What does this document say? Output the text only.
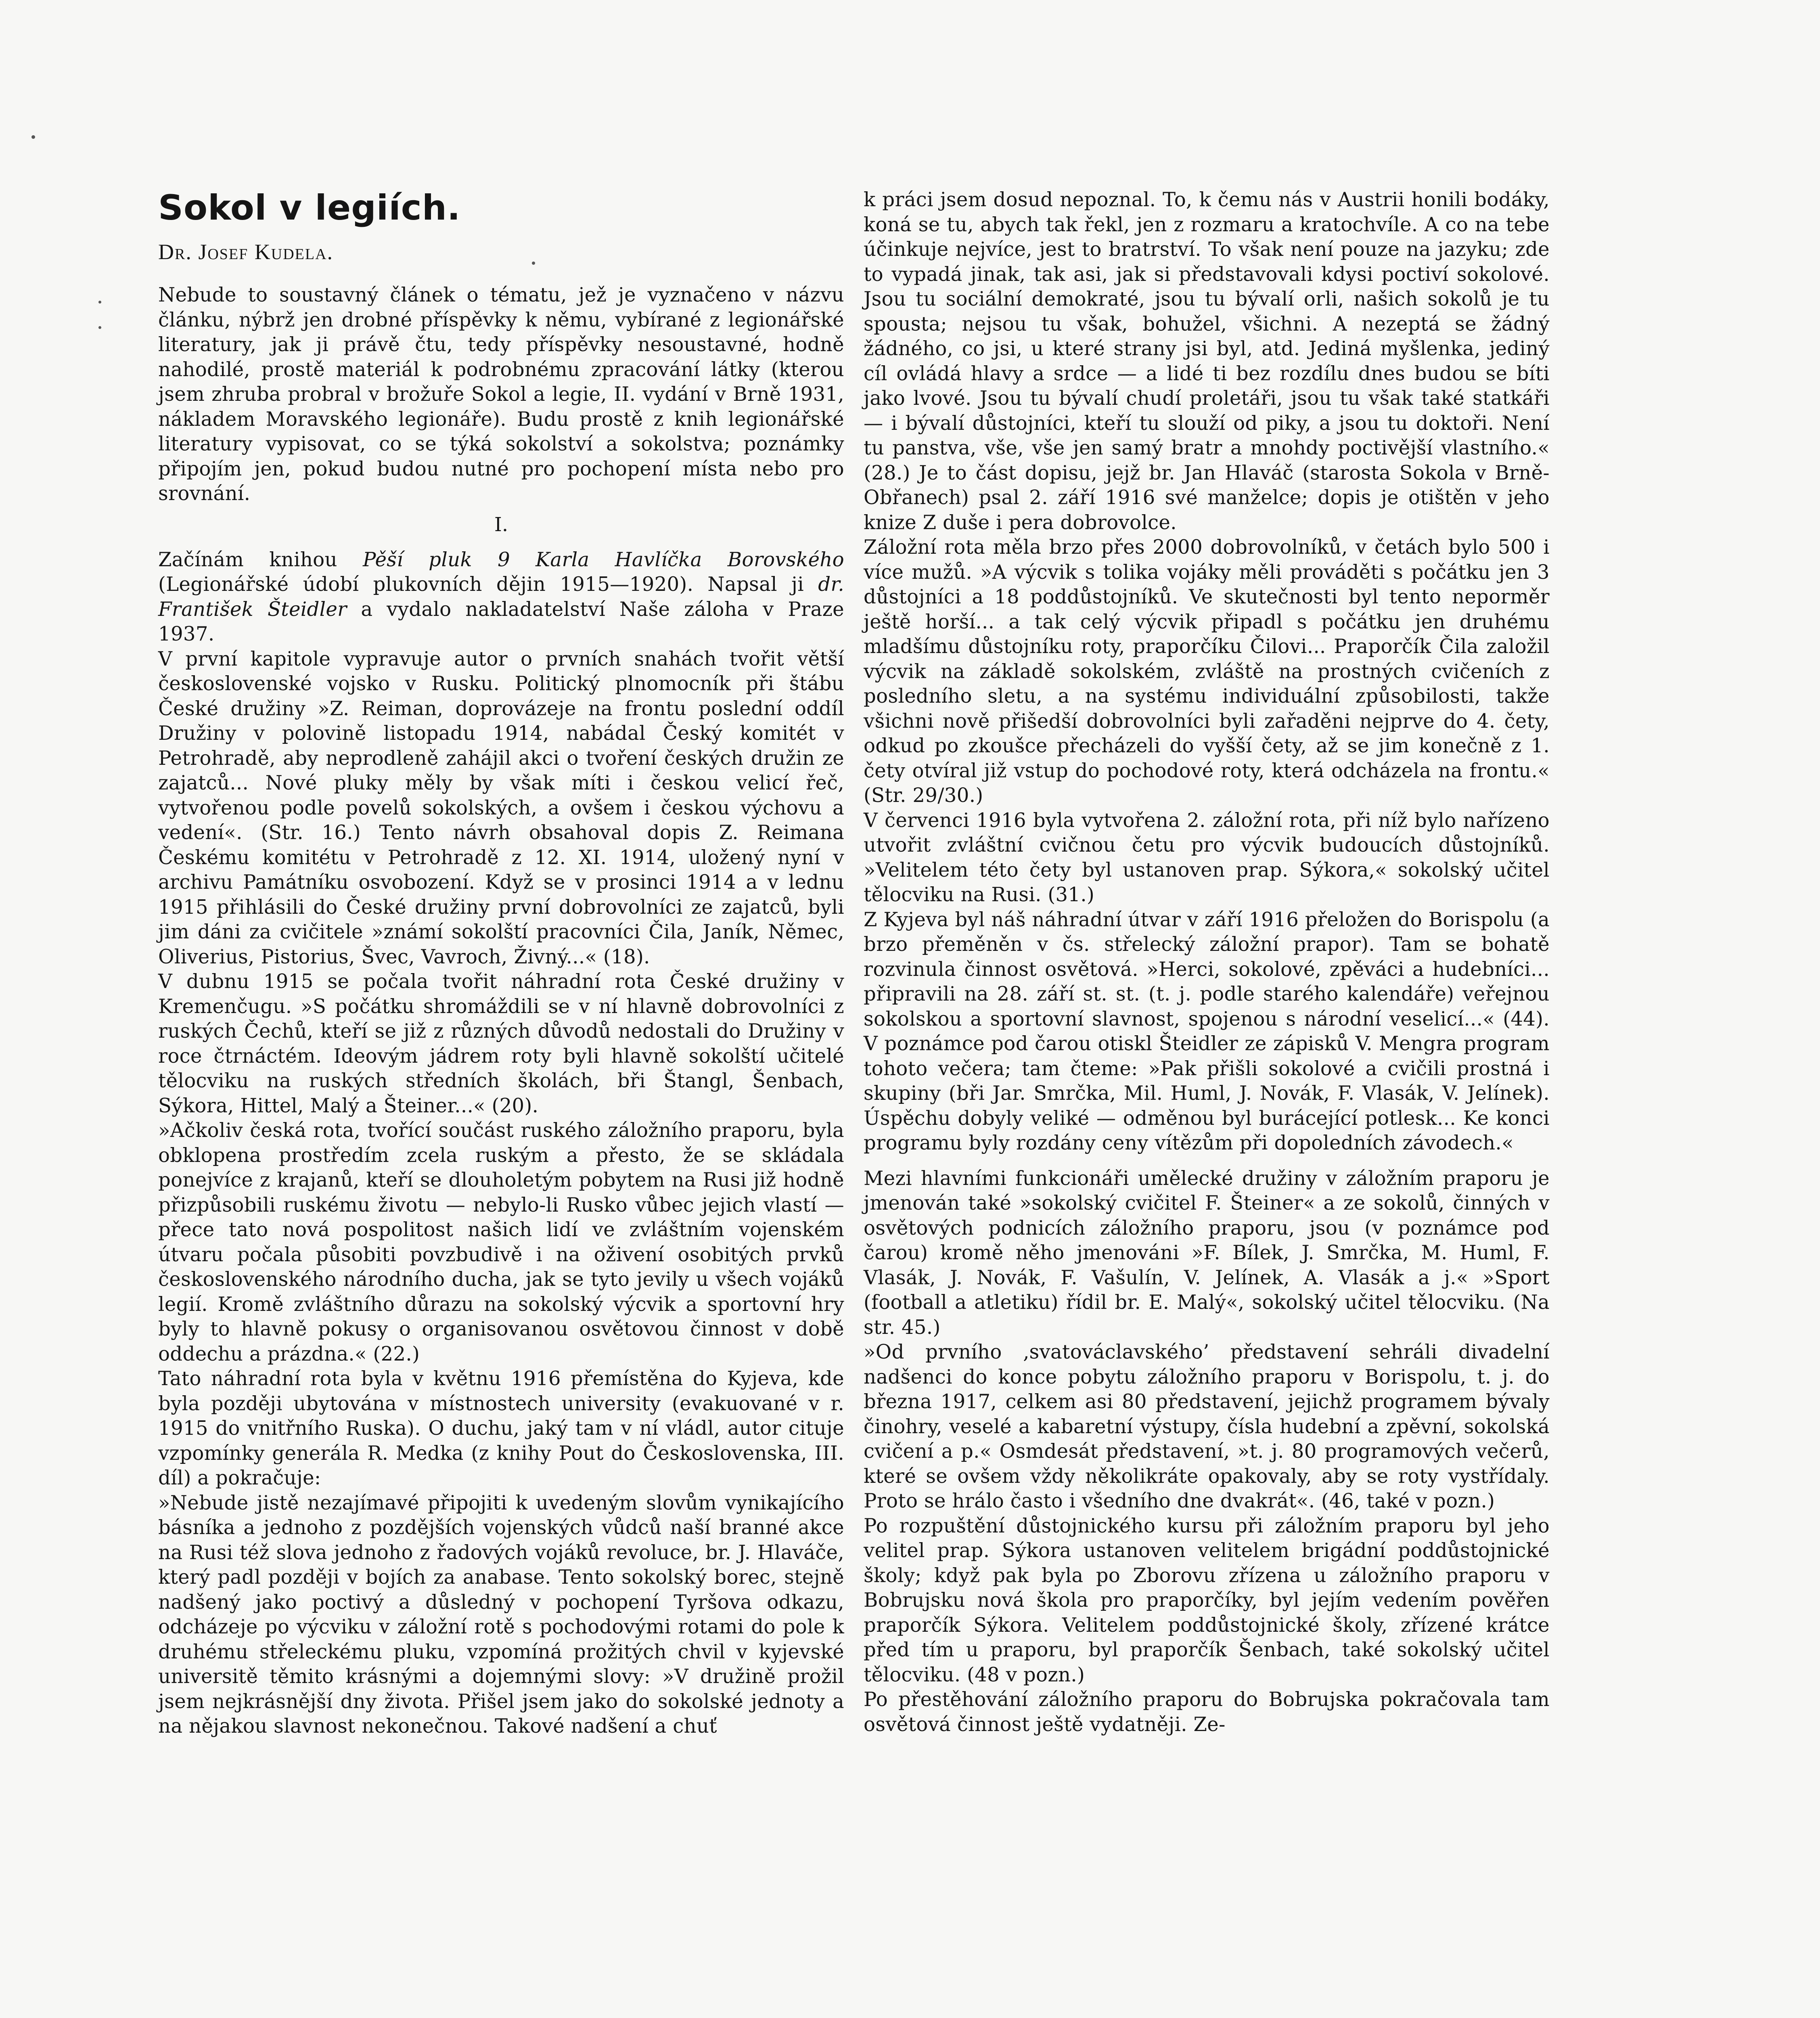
Sokol v legiích.
Dr. Josef Kudela.

Nebude to soustavný článek o tématu, jež je vyznačeno v názvu článku, nýbrž jen drobné příspěvky k němu, vybírané z legionářské literatury, jak ji právě čtu, tedy příspěvky nesoustavné, hodně nahodilé, prostě materiál k podrobnému zpracování látky (kterou jsem zhruba probral v brožuře Sokol a legie, II. vydání v Brně 1931, nákladem Moravského legionáře). Budu prostě z knih legionářské literatury vypisovat, co se týká sokolství a sokolstva; poznámky připojím jen, pokud budou nutné pro pochopení místa nebo pro srovnání.

I.

Začínám knihou Pěší pluk 9 Karla Havlíčka Borovského (Legionářské údobí plukovních dějin 1915—1920). Napsal ji dr. František Šteidler a vydalo nakladatelství Naše záloha v Praze 1937.

V první kapitole vypravuje autor o prvních snahách tvořit větší československé vojsko v Rusku. Politický plnomocník při štábu České družiny »Z. Reiman, doprovázeje na frontu poslední oddíl Družiny v polovině listopadu 1914, nabádal Český komitét v Petrohradě, aby neprodleně zahájil akci o tvoření českých družin ze zajatců... Nové pluky měly by však míti i českou velicí řeč, vytvořenou podle povelů sokolských, a ovšem i českou výchovu a vedení«. (Str. 16.) Tento návrh obsahoval dopis Z. Reimana Českému komitétu v Petrohradě z 12. XI. 1914, uložený nyní v archivu Památníku osvobození. Když se v prosinci 1914 a v lednu 1915 přihlásili do České družiny první dobrovolníci ze zajatců, byli jim dáni za cvičitele »známí sokolští pracovníci Čila, Janík, Němec, Oliverius, Pistorius, Švec, Vavroch, Živný...« (18).

V dubnu 1915 se počala tvořit náhradní rota České družiny v Kremenčugu. »S počátku shromáždili se v ní hlavně dobrovolníci z ruských Čechů, kteří se již z různých důvodů nedostali do Družiny v roce čtrnáctém. Ideovým jádrem roty byli hlavně sokolští učitelé tělocviku na ruských středních školách, bři Štangl, Šenbach, Sýkora, Hittel, Malý a Šteiner...« (20).

»Ačkoliv česká rota, tvořící součást ruského záložního praporu, byla obklopena prostředím zcela ruským a přesto, že se skládala ponejvíce z krajanů, kteří se dlouholetým pobytem na Rusi již hodně přizpůsobili ruskému životu — nebylo-li Rusko vůbec jejich vlastí — přece tato nová pospolitost našich lidí ve zvláštním vojenském útvaru počala působiti povzbudivě i na oživení osobitých prvků československého národního ducha, jak se tyto jevily u všech vojáků legií. Kromě zvláštního důrazu na sokolský výcvik a sportovní hry byly to hlavně pokusy o organisovanou osvětovou činnost v době oddechu a prázdna.« (22.)

Tato náhradní rota byla v květnu 1916 přemístěna do Kyjeva, kde byla později ubytována v místnostech university (evakuované v r. 1915 do vnitřního Ruska). O duchu, jaký tam v ní vládl, autor cituje vzpomínky generála R. Medka (z knihy Pout do Československa, III. díl) a pokračuje:

»Nebude jistě nezajímavé připojiti k uvedeným slovům vynikajícího básníka a jednoho z pozdějších vojenských vůdců naší branné akce na Rusi též slova jednoho z řadových vojáků revoluce, br. J. Hlaváče, který padl později v bojích za anabase. Tento sokolský borec, stejně nadšený jako poctivý a důsledný v pochopení Tyršova odkazu, odcházeje po výcviku v záložní rotě s pochodovými rotami do pole k druhému střeleckému pluku, vzpomíná prožitých chvil v kyjevské universitě těmito krásnými a dojemnými slovy: »V družině prožil jsem nejkrásnější dny života. Přišel jsem jako do sokolské jednoty a na nějakou slavnost nekonečnou. Takové nadšení a chuť

k práci jsem dosud nepoznal. To, k čemu nás v Austrii honili bodáky, koná se tu, abych tak řekl, jen z rozmaru a kratochvíle. A co na tebe účinkuje nejvíce, jest to bratrství. To však není pouze na jazyku; zde to vypadá jinak, tak asi, jak si představovali kdysi poctiví sokolové. Jsou tu sociální demokraté, jsou tu bývalí orli, našich sokolů je tu spousta; nejsou tu však, bohužel, všichni. A nezeptá se žádný žádného, co jsi, u které strany jsi byl, atd. Jediná myšlenka, jediný cíl ovládá hlavy a srdce — a lidé ti bez rozdílu dnes budou se bíti jako lvové. Jsou tu bývalí chudí proletáři, jsou tu však také statkáři — i bývalí důstojníci, kteří tu slouží od piky, a jsou tu doktoři. Není tu panstva, vše, vše jen samý bratr a mnohdy poctivější vlastního.« (28.) Je to část dopisu, jejž br. Jan Hlaváč (starosta Sokola v Brně-Obřanech) psal 2. září 1916 své manželce; dopis je otištěn v jeho knize Z duše i pera dobrovolce.

Záložní rota měla brzo přes 2000 dobrovolníků, v četách bylo 500 i více mužů. »A výcvik s tolika vojáky měli prováděti s počátku jen 3 důstojníci a 18 poddůstojníků. Ve skutečnosti byl tento neporměr ještě horší... a tak celý výcvik připadl s počátku jen druhému mladšímu důstojníku roty, praporčíku Čilovi... Praporčík Čila založil výcvik na základě sokolském, zvláště na prostných cvičeních z posledního sletu, a na systému individuální způsobilosti, takže všichni nově přišedší dobrovolníci byli zařaděni nejprve do 4. čety, odkud po zkoušce přecházeli do vyšší čety, až se jim konečně z 1. čety otvíral již vstup do pochodové roty, která odcházela na frontu.« (Str. 29/30.)

V červenci 1916 byla vytvořena 2. záložní rota, při níž bylo nařízeno utvořit zvláštní cvičnou četu pro výcvik budoucích důstojníků. »Velitelem této čety byl ustanoven prap. Sýkora,« sokolský učitel tělocviku na Rusi. (31.)

Z Kyjeva byl náš náhradní útvar v září 1916 přeložen do Borispolu (a brzo přeměněn v čs. střelecký záložní prapor). Tam se bohatě rozvinula činnost osvětová. »Herci, sokolové, zpěváci a hudebníci... připravili na 28. září st. st. (t. j. podle starého kalendáře) veřejnou sokolskou a sportovní slavnost, spojenou s národní veselicí...« (44). V poznámce pod čarou otiskl Šteidler ze zápisků V. Mengra program tohoto večera; tam čteme: »Pak přišli sokolové a cvičili prostná i skupiny (bři Jar. Smrčka, Mil. Huml, J. Novák, F. Vlasák, V. Jelínek). Úspěchu dobyly veliké — odměnou byl burácející potlesk... Ke konci programu byly rozdány ceny vítězům při dopoledních závodech.«

Mezi hlavními funkcionáři umělecké družiny v záložním praporu je jmenován také »sokolský cvičitel F. Šteiner« a ze sokolů, činných v osvětových podnicích záložního praporu, jsou (v poznámce pod čarou) kromě něho jmenováni »F. Bílek, J. Smrčka, M. Huml, F. Vlasák, J. Novák, F. Vašulín, V. Jelínek, A. Vlasák a j.« »Sport (football a atletiku) řídil br. E. Malý«, sokolský učitel tělocviku. (Na str. 45.)

»Od prvního ‚svatováclavského’ představení sehráli divadelní nadšenci do konce pobytu záložního praporu v Borispolu, t. j. do března 1917, celkem asi 80 představení, jejichž programem bývaly činohry, veselé a kabaretní výstupy, čísla hudební a zpěvní, sokolská cvičení a p.« Osmdesát představení, »t. j. 80 programových večerů, které se ovšem vždy několikráte opakovaly, aby se roty vystřídaly. Proto se hrálo často i všedního dne dvakrát«. (46, také v pozn.)

Po rozpuštění důstojnického kursu při záložním praporu byl jeho velitel prap. Sýkora ustanoven velitelem brigádní poddůstojnické školy; když pak byla po Zborovu zřízena u záložního praporu v Bobrujsku nová škola pro praporčíky, byl jejím vedením pověřen praporčík Sýkora. Velitelem poddůstojnické školy, zřízené krátce před tím u praporu, byl praporčík Šenbach, také sokolský učitel tělocviku. (48 v pozn.)

Po přestěhování záložního praporu do Bobrujska pokračovala tam osvětová činnost ještě vydatněji. Ze-
